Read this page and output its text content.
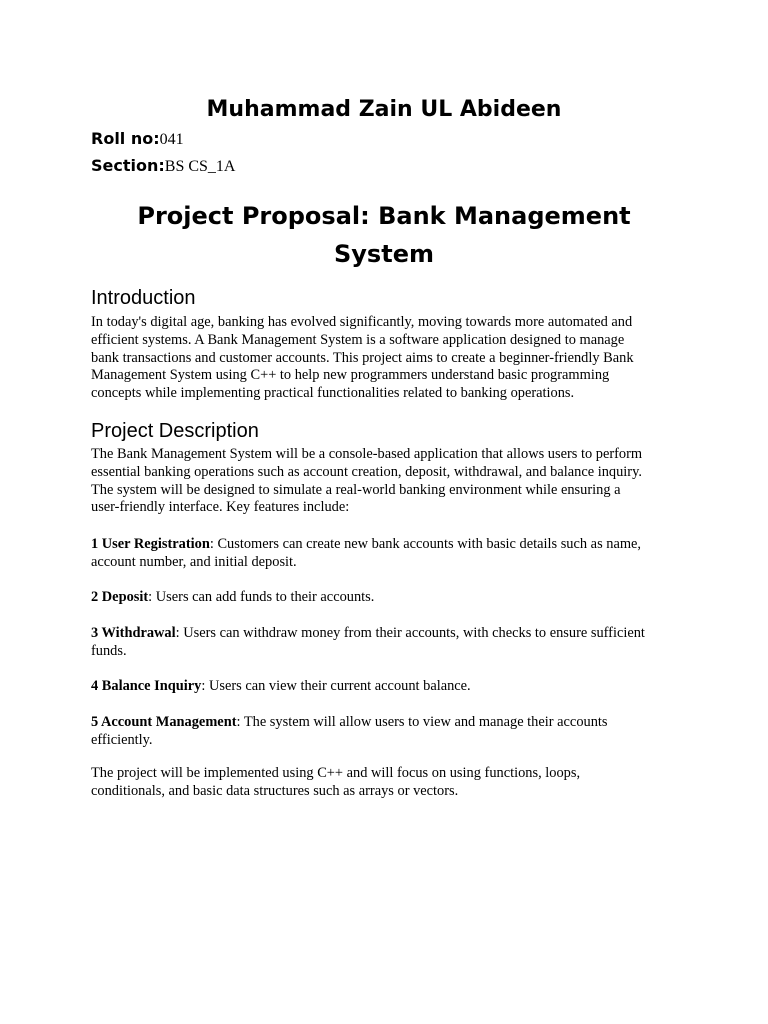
Muhammad Zain UL Abideen
Roll no:041
Section:BS CS_1A
Project Proposal: Bank Management
System
Introduction
In today's digital age, banking has evolved significantly, moving towards more automated and
efficient systems. A Bank Management System is a software application designed to manage
bank transactions and customer accounts. This project aims to create a beginner-friendly Bank
Management System using C++ to help new programmers understand basic programming
concepts while implementing practical functionalities related to banking operations.
Project Description
The Bank Management System will be a console-based application that allows users to perform
essential banking operations such as account creation, deposit, withdrawal, and balance inquiry.
The system will be designed to simulate a real-world banking environment while ensuring a
user-friendly interface. Key features include:
1 User Registration: Customers can create new bank accounts with basic details such as name,
account number, and initial deposit.
2 Deposit: Users can add funds to their accounts.
3 Withdrawal: Users can withdraw money from their accounts, with checks to ensure sufficient
funds.
4 Balance Inquiry: Users can view their current account balance.
5 Account Management: The system will allow users to view and manage their accounts
efficiently.
The project will be implemented using C++ and will focus on using functions, loops,
conditionals, and basic data structures such as arrays or vectors.
